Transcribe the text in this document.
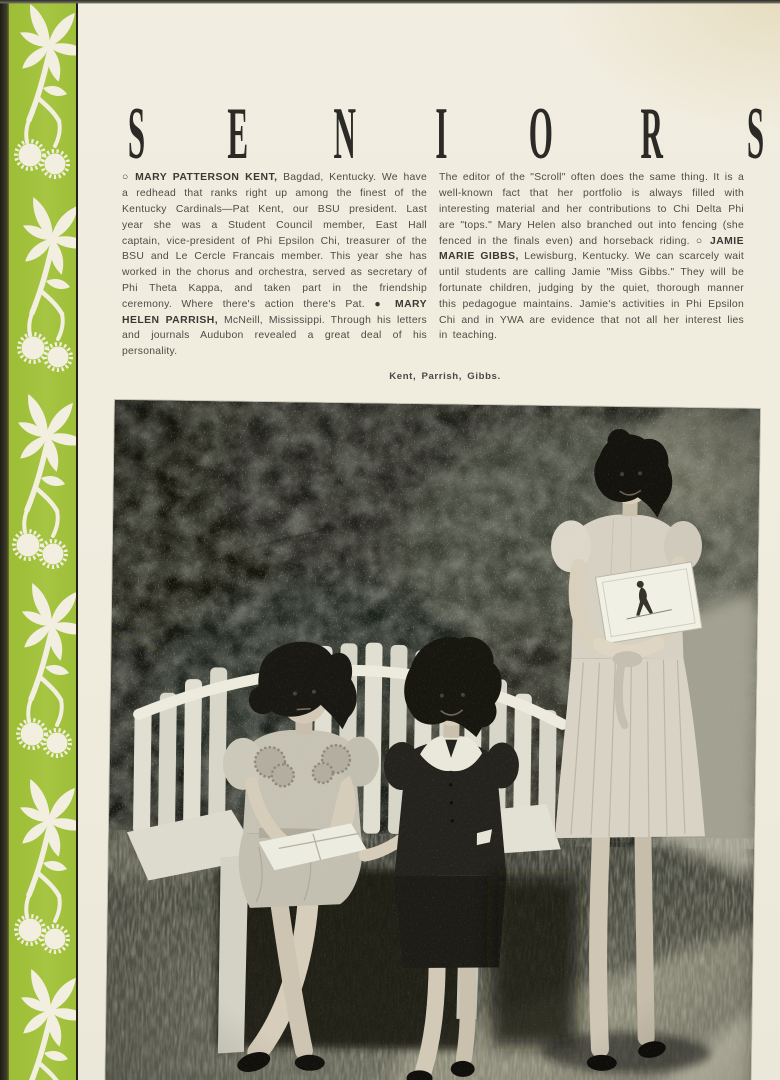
S E N I O R S

○ MARY PATTERSON KENT, Bagdad, Kentucky. We have a redhead that ranks right up among the finest of the Kentucky Cardinals—Pat Kent, our BSU president. Last year she was a Student Council member, East Hall captain, vice-president of Phi Epsilon Chi, treasurer of the BSU and Le Cercle Francais member. This year she has worked in the chorus and orchestra, served as secretary of Phi Theta Kappa, and taken part in the friendship ceremony. Where there's action there's Pat. ● MARY HELEN PARRISH, McNeill, Mississippi. Through his letters and journals Audubon revealed a great deal of his personality.

The editor of the "Scroll" often does the same thing. It is a well-known fact that her portfolio is always filled with interesting material and her contributions to Chi Delta Phi are "tops." Mary Helen also branched out into fencing (she fenced in the finals even) and horseback riding. ○ JAMIE MARIE GIBBS, Lewisburg, Kentucky. We can scarcely wait until students are calling Jamie "Miss Gibbs." They will be fortunate children, judging by the quiet, thorough manner this pedagogue maintains. Jamie's activities in Phi Epsilon Chi and in YWA are evidence that not all her interest lies in teaching.

Kent, Parrish, Gibbs.
